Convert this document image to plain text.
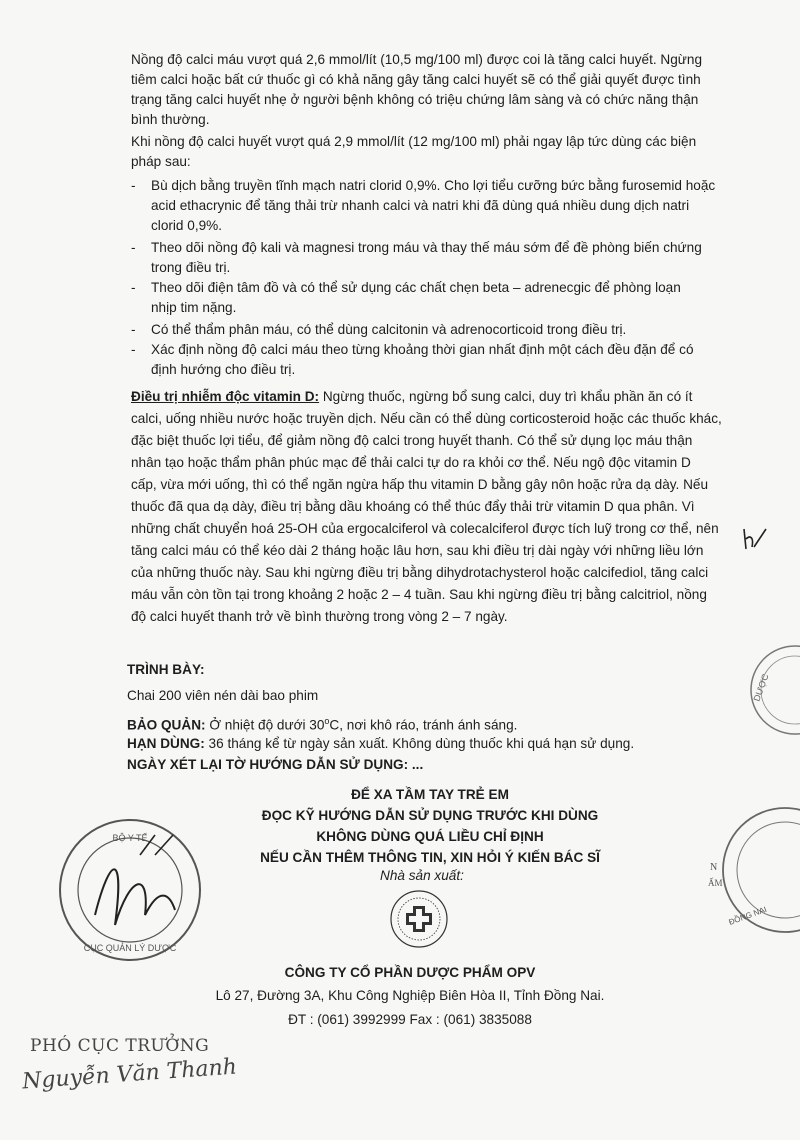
Nồng độ calci máu vượt quá 2,6 mmol/lít (10,5 mg/100 ml) được coi là tăng calci huyết. Ngừng
tiêm calci hoặc bất cứ thuốc gì có khả năng gây tăng calci huyết sẽ có thể giải quyết được tình
trạng tăng calci huyết nhẹ ở người bệnh không có triệu chứng lâm sàng và có chức năng thận
bình thường.
Khi nồng độ calci huyết vượt quá 2,9 mmol/lít (12 mg/100 ml) phải ngay lập tức dùng các biện
pháp sau:
- Bù dịch bằng truyền tĩnh mạch natri clorid 0,9%. Cho lợi tiểu cưỡng bức bằng furosemid hoặc
acid ethacrynic để tăng thải trừ nhanh calci và natri khi đã dùng quá nhiều dung dịch natri
clorid 0,9%.
- Theo dõi nồng độ kali và magnesi trong máu và thay thế máu sớm để đề phòng biến chứng
trong điều trị.
- Theo dõi điện tâm đồ và có thể sử dụng các chất chẹn beta – adrenecgic để phòng loạn
nhịp tim nặng.
- Có thể thẩm phân máu, có thể dùng calcitonin và adrenocorticoid trong điều trị.
- Xác định nồng độ calci máu theo từng khoảng thời gian nhất định một cách đều đặn để có
định hướng cho điều trị.
Điều trị nhiễm độc vitamin D: Ngừng thuốc, ngừng bổ sung calci, duy trì khẩu phần ăn có ít
calci, uống nhiều nước hoặc truyền dịch. Nếu cần có thể dùng corticosteroid hoặc các thuốc khác,
đặc biệt thuốc lợi tiểu, để giảm nồng độ calci trong huyết thanh. Có thể sử dụng lọc máu thận
nhân tạo hoặc thẩm phân phúc mạc để thải calci tự do ra khỏi cơ thể. Nếu ngộ độc vitamin D
cấp, vừa mới uống, thì có thể ngăn ngừa hấp thu vitamin D bằng gây nôn hoặc rửa dạ dày. Nếu
thuốc đã qua dạ dày, điều trị bằng dầu khoáng có thể thúc đẩy thải trừ vitamin D qua phân. Vì
những chất chuyển hoá 25-OH của ergocalciferol và colecalciferol được tích luỹ trong cơ thể, nên
tăng calci máu có thể kéo dài 2 tháng hoặc lâu hơn, sau khi điều trị dài ngày với những liều lớn
của những thuốc này. Sau khi ngừng điều trị bằng dihydrotachysterol hoặc calcifediol, tăng calci
máu vẫn còn tồn tại trong khoảng 2 hoặc 2 – 4 tuần. Sau khi ngừng điều trị bằng calcitriol, nồng
độ calci huyết thanh trở về bình thường trong vòng 2 – 7 ngày.
TRÌNH BÀY:
Chai 200 viên nén dài bao phim
BẢO QUẢN: Ở nhiệt độ dưới 30$^o$C, nơi khô ráo, tránh ánh sáng.
HẠN DÙNG: 36 tháng kể từ ngày sản xuất. Không dùng thuốc khi quá hạn sử dụng.
NGÀY XÉT LẠI TỜ HƯỚNG DẪN SỬ DỤNG: ...
ĐỂ XA TẦM TAY TRẺ EM
ĐỌC KỸ HƯỚNG DẪN SỬ DỤNG TRƯỚC KHI DÙNG
KHÔNG DÙNG QUÁ LIỀU CHỈ ĐỊNH
NẾU CẦN THÊM THÔNG TIN, XIN HỎI Ý KIẾN BÁC SĨ
Nhà sản xuất:
CÔNG TY CỔ PHẦN DƯỢC PHẨM OPV
Lô 27, Đường 3A, Khu Công Nghiệp Biên Hòa II, Tỉnh Đồng Nai.
ĐT : (061) 3992999 Fax : (061) 3835088
BỘ Y TẾ
CỤC QUẢN LÝ DƯỢC
DƯỢC
N
ẤM
ĐỒNG NAI
PHÓ CỤC TRƯỞNG
Nguyễn Văn Thanh
